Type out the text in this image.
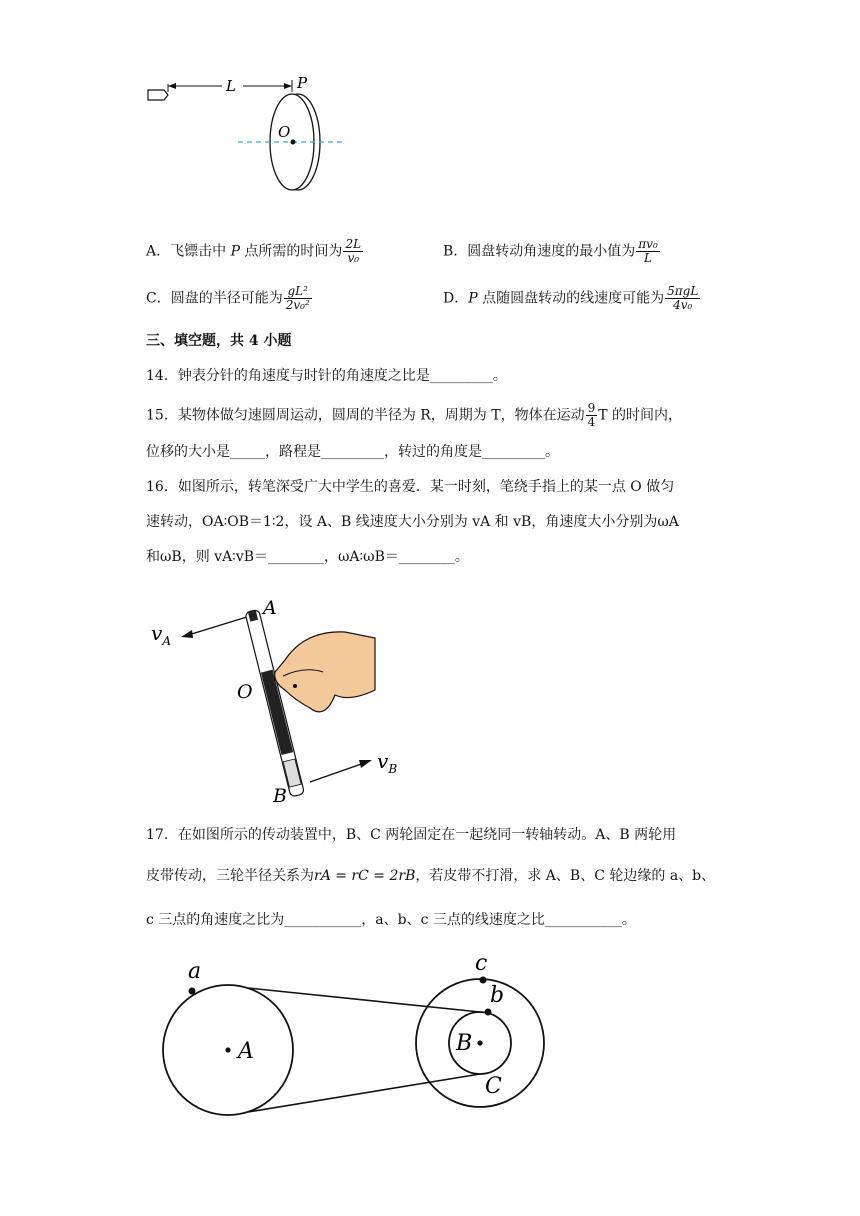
L	P
O
A．飞镖击中 P 点所需的时间为 $\frac{2L}{\text{v₀}}$	B．圆盘转动角速度的最小值为 $\frac{\text{πv₀}}{L}$
C．圆盘的半径可能为 $\frac{\text{gL²}}{\text{2v₀²}}$	D．P 点随圆盘转动的线速度可能为 $\frac{\text{5πgL}}{\text{4v₀}}$
三、填空题，共 4 小题
14．钟表分针的角速度与时针的角速度之比是_________。
15．某物体做匀速圆周运动，圆周的半径为 R，周期为 T，物体在运动 $\frac{9}{4}$ T 的时间内，
位移的大小是_____，路程是_________，转过的角度是_________。
16．如图所示，转笔深受广大中学生的喜爱．某一时刻，笔绕手指上的某一点 O 做匀
速转动，OA∶OB＝1∶2，设 A、B 线速度大小分别为 vA 和 vB，角速度大小分别为ωA
和ωB，则 vA∶vB＝________，ωA∶ωB＝________。
$v_A$
A
O
$v_B$
B
17．在如图所示的传动装置中，B、C 两轮固定在一起绕同一转轴转动。A、B 两轮用
皮带传动，三轮半径关系为rA = rC = 2rB，若皮带不打滑，求 A、B、C 轮边缘的 a、b、
c 三点的角速度之比为___________，a、b、c 三点的线速度之比___________。
A
a
B
c
b
C
